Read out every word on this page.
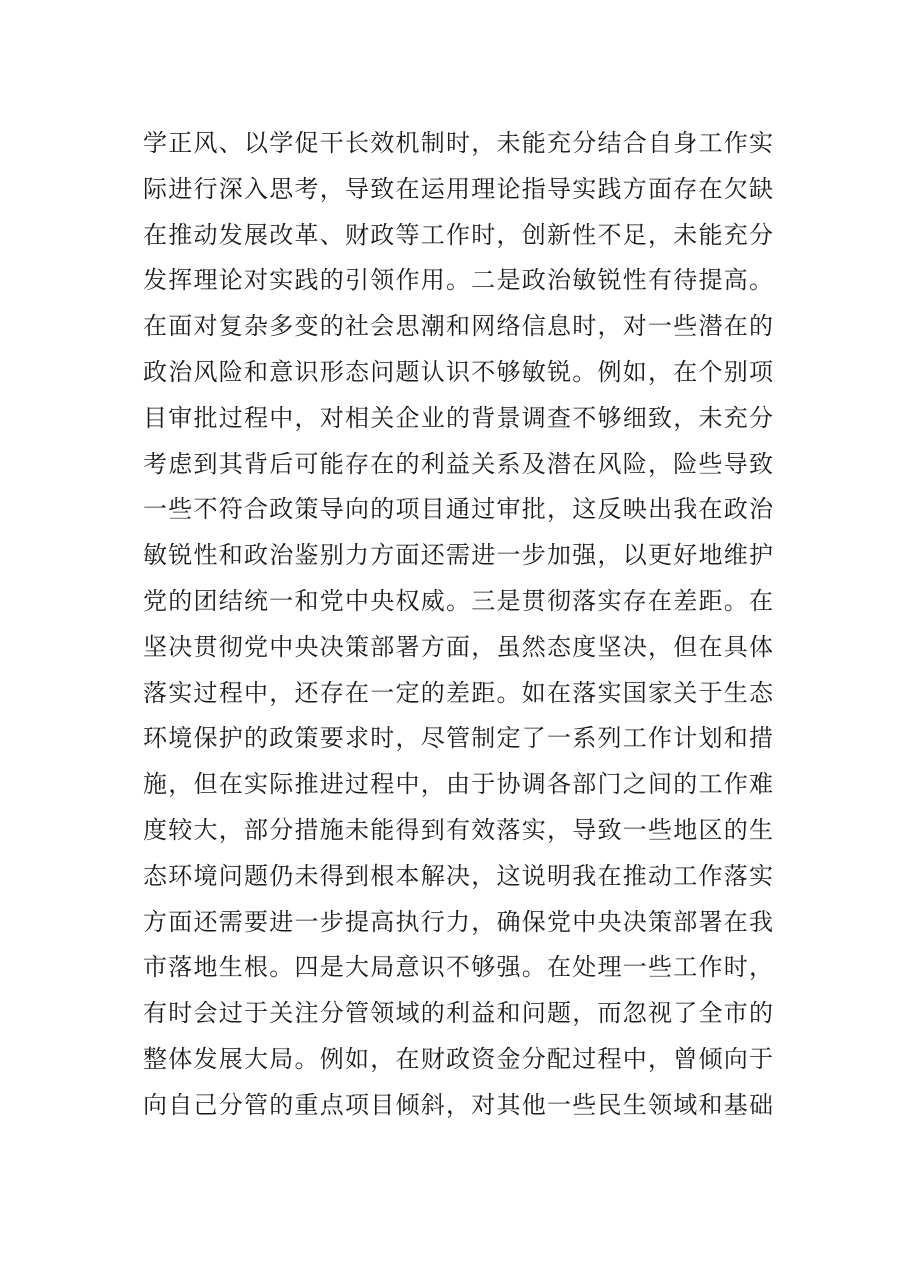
学正风、以学促干长效机制时，未能充分结合自身工作实
际进行深入思考，导致在运用理论指导实践方面存在欠缺
在推动发展改革、财政等工作时，创新性不足，未能充分
发挥理论对实践的引领作用。二是政治敏锐性有待提高。
在面对复杂多变的社会思潮和网络信息时，对一些潜在的
政治风险和意识形态问题认识不够敏锐。例如，在个别项
目审批过程中，对相关企业的背景调查不够细致，未充分
考虑到其背后可能存在的利益关系及潜在风险，险些导致
一些不符合政策导向的项目通过审批，这反映出我在政治
敏锐性和政治鉴别力方面还需进一步加强，以更好地维护
党的团结统一和党中央权威。三是贯彻落实存在差距。在
坚决贯彻党中央决策部署方面，虽然态度坚决，但在具体
落实过程中，还存在一定的差距。如在落实国家关于生态
环境保护的政策要求时，尽管制定了一系列工作计划和措
施，但在实际推进过程中，由于协调各部门之间的工作难
度较大，部分措施未能得到有效落实，导致一些地区的生
态环境问题仍未得到根本解决，这说明我在推动工作落实
方面还需要进一步提高执行力，确保党中央决策部署在我
市落地生根。四是大局意识不够强。在处理一些工作时，
有时会过于关注分管领域的利益和问题，而忽视了全市的
整体发展大局。例如，在财政资金分配过程中，曾倾向于
向自己分管的重点项目倾斜，对其他一些民生领域和基础
